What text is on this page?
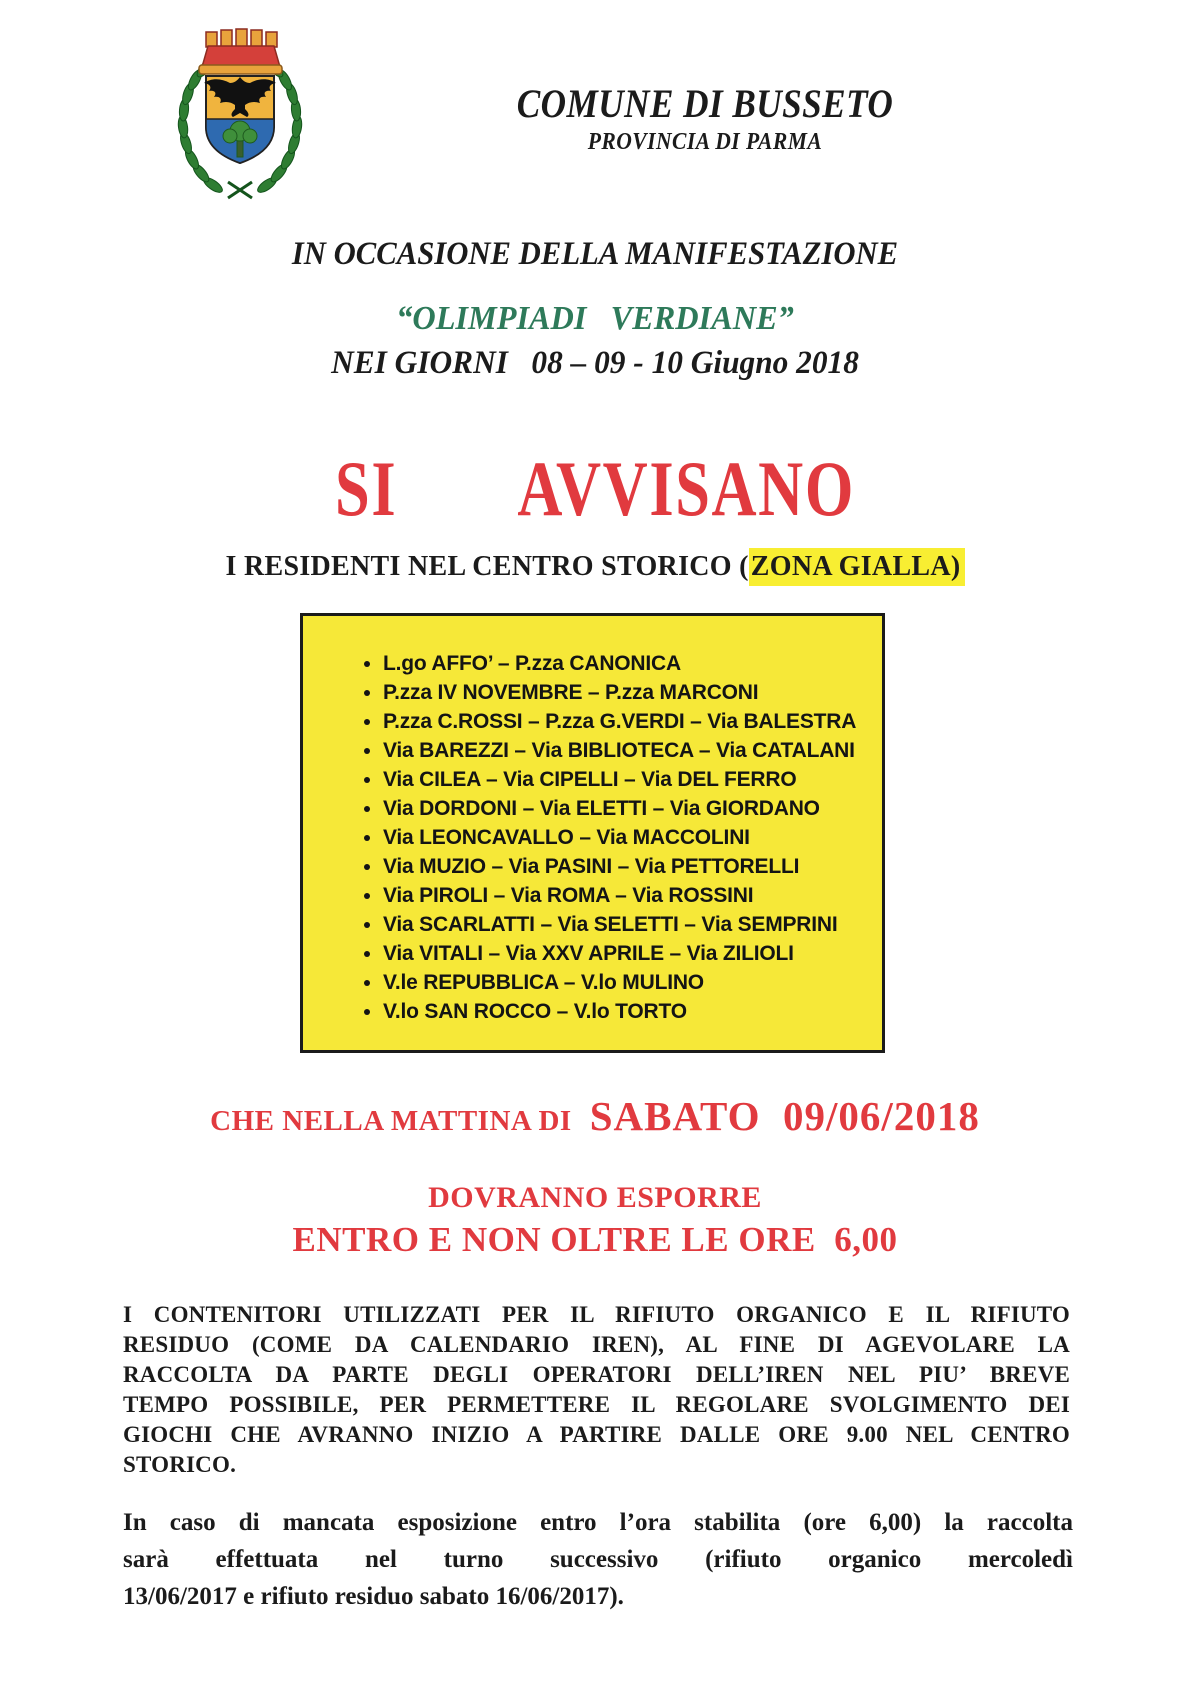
COMUNE DI BUSSETO
PROVINCIA DI PARMA
IN OCCASIONE DELLA MANIFESTAZIONE
“OLIMPIADI   VERDIANE”
NEI GIORNI   08 – 09 - 10 Giugno 2018
SI   AVVISANO
I RESIDENTI NEL CENTRO STORICO (ZONA GIALLA)
• L.go AFFO’ – P.zza CANONICA
• P.zza IV NOVEMBRE – P.zza MARCONI
• P.zza C.ROSSI – P.zza G.VERDI – Via BALESTRA
• Via BAREZZI – Via BIBLIOTECA – Via CATALANI
• Via CILEA – Via CIPELLI – Via DEL FERRO
• Via DORDONI – Via ELETTI – Via GIORDANO
• Via LEONCAVALLO – Via MACCOLINI
• Via MUZIO – Via PASINI – Via PETTORELLI
• Via PIROLI – Via ROMA – Via ROSSINI
• Via SCARLATTI – Via SELETTI – Via SEMPRINI
• Via VITALI – Via XXV APRILE – Via ZILIOLI
• V.le REPUBBLICA – V.lo MULINO
• V.lo SAN ROCCO – V.lo TORTO
CHE NELLA MATTINA DI SABATO  09/06/2018
DOVRANNO ESPORRE
ENTRO E NON OLTRE LE ORE  6,00
I CONTENITORI UTILIZZATI PER IL RIFIUTO ORGANICO E IL RIFIUTO
RESIDUO (COME DA CALENDARIO IREN), AL FINE DI AGEVOLARE LA
RACCOLTA DA PARTE DEGLI OPERATORI DELL’IREN NEL PIU’ BREVE
TEMPO POSSIBILE, PER PERMETTERE IL REGOLARE SVOLGIMENTO DEI
GIOCHI CHE AVRANNO INIZIO A PARTIRE DALLE ORE 9.00 NEL CENTRO
STORICO.
In caso di mancata esposizione entro l’ora stabilita (ore 6,00) la raccolta
sarà effettuata nel turno successivo (rifiuto organico mercoledì
13/06/2017 e rifiuto residuo sabato 16/06/2017).
